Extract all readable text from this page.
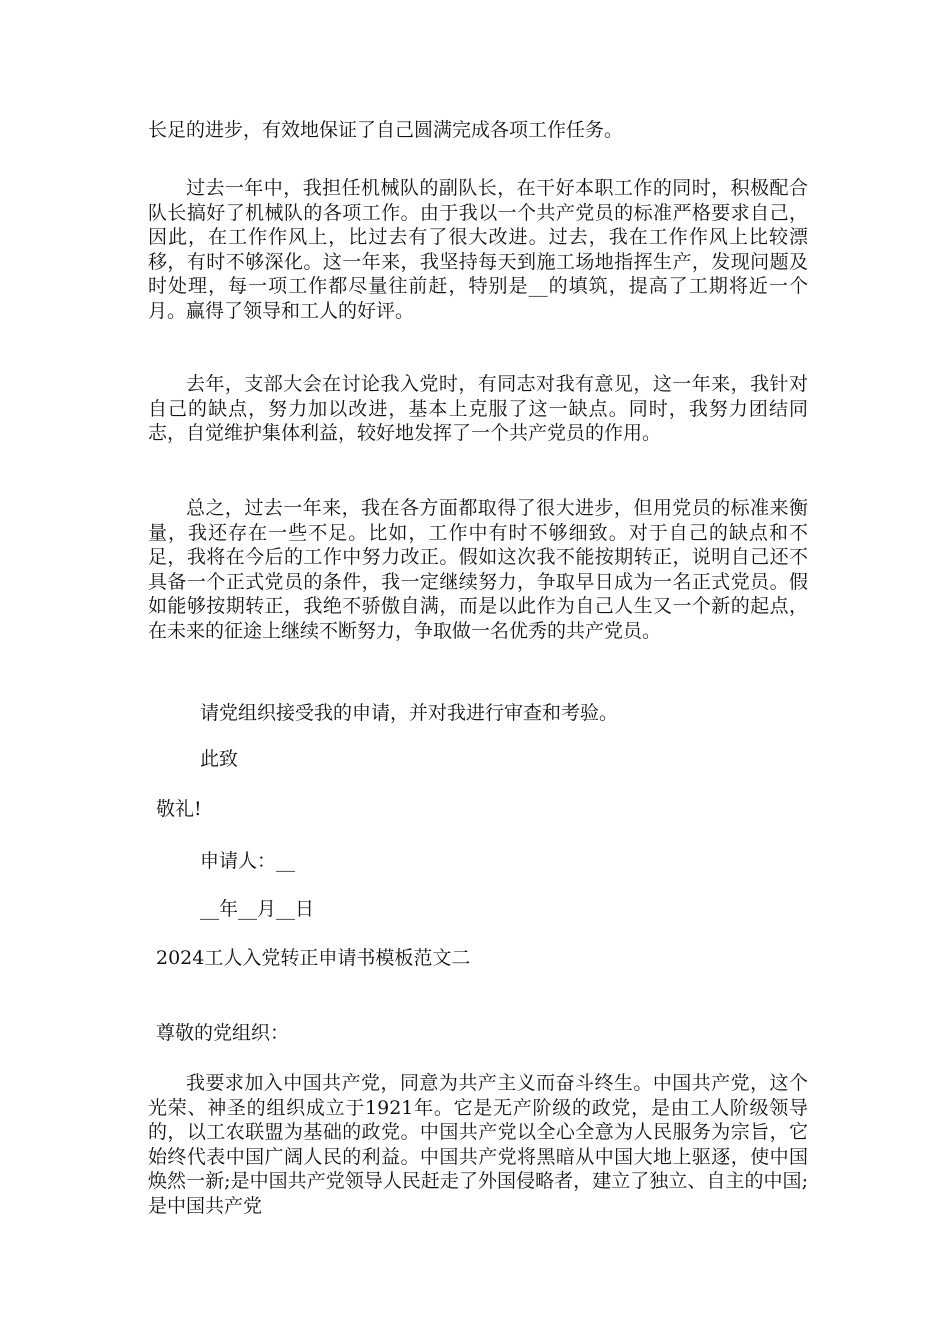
长足的进步，有效地保证了自己圆满完成各项工作任务。

过去一年中，我担任机械队的副队长，在干好本职工作的同时，积极配合队长搞好了机械队的各项工作。由于我以一个共产党员的标准严格要求自己，因此，在工作作风上，比过去有了很大改进。过去，我在工作作风上比较漂移，有时不够深化。这一年来，我坚持每天到施工场地指挥生产，发现问题及时处理，每一项工作都尽量往前赶，特别是__的填筑，提高了工期将近一个月。赢得了领导和工人的好评。

去年，支部大会在讨论我入党时，有同志对我有意见，这一年来，我针对自己的缺点，努力加以改进，基本上克服了这一缺点。同时，我努力团结同志，自觉维护集体利益，较好地发挥了一个共产党员的作用。

总之，过去一年来，我在各方面都取得了很大进步，但用党员的标准来衡量，我还存在一些不足。比如，工作中有时不够细致。对于自己的缺点和不足，我将在今后的工作中努力改正。假如这次我不能按期转正，说明自己还不具备一个正式党员的条件，我一定继续努力，争取早日成为一名正式党员。假如能够按期转正，我绝不骄傲自满，而是以此作为自己人生又一个新的起点，在未来的征途上继续不断努力，争取做一名优秀的共产党员。

请党组织接受我的申请，并对我进行审查和考验。

此致

敬礼!

申请人：__

__年__月__日

2024工人入党转正申请书模板范文二

尊敬的党组织：

我要求加入中国共产党，同意为共产主义而奋斗终生。中国共产党，这个光荣、神圣的组织成立于1921年。它是无产阶级的政党，是由工人阶级领导的，以工农联盟为基础的政党。中国共产党以全心全意为人民服务为宗旨，它始终代表中国广阔人民的利益。中国共产党将黑暗从中国大地上驱逐，使中国焕然一新;是中国共产党领导人民赶走了外国侵略者，建立了独立、自主的中国;是中国共产党
